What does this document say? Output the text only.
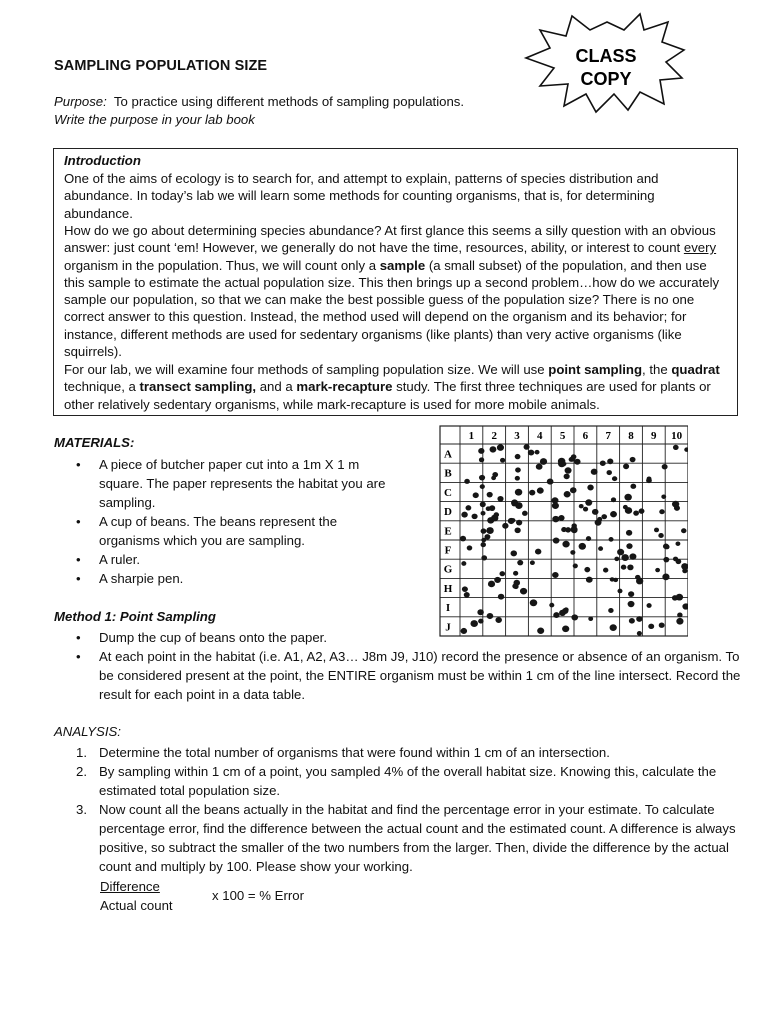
SAMPLING POPULATION SIZE	CLASS
COPY
Purpose: To practice using different methods of sampling populations.
Write the purpose in your lab book
Introduction

One of the aims of ecology is to search for, and attempt to explain, patterns of species distribution and abundance. In today’s lab we will learn some methods for counting organisms, that is, for determining abundance.

How do we go about determining species abundance? At first glance this seems a silly question with an obvious answer: just count ‘em! However, we generally do not have the time, resources, ability, or interest to count every organism in the population. Thus, we will count only a sample (a small subset) of the population, and then use this sample to estimate the actual population size. This then brings up a second problem…how do we accurately sample our population, so that we can make the best possible guess of the population size? There is no one correct answer to this question. Instead, the method used will depend on the organism and its behavior; for instance, different methods are used for sedentary organisms (like plants) than very active organisms (like squirrels).

For our lab, we will examine four methods of sampling population size. We will use point sampling, the quadrat technique, a transect sampling, and a mark-recapture study. The first three techniques are used for plants or other relatively sedentary organisms, while mark-recapture is used for more mobile animals.

MATERIALS:
• A piece of butcher paper cut into a 1m X 1 m square. The paper represents the habitat you are sampling.
• A cup of beans. The beans represent the organisms which you are sampling.
• A ruler.
• A sharpie pen.
1 2 3 4 5 6 7 8 9 10
A
B
C
D
E
F
G
H
I
J
Method 1: Point Sampling
• Dump the cup of beans onto the paper.
• At each point in the habitat (i.e. A1, A2, A3… J8m J9, J10) record the presence or absence of an organism. To be considered present at the point, the ENTIRE organism must be within 1 cm of the line intersect. Record the result for each point in a data table.
ANALYSIS:
1. Determine the total number of organisms that were found within 1 cm of an intersection.
2. By sampling within 1 cm of a point, you sampled 4% of the overall habitat size. Knowing this, calculate the estimated total population size.
3. Now count all the beans actually in the habitat and find the percentage error in your estimate. To calculate percentage error, find the difference between the actual count and the estimated count. A difference is always positive, so subtract the smaller of the two numbers from the larger. Then, divide the difference by the actual count and multiply by 100. Please show your working.
Difference
Actual count
x 100 = % Error
